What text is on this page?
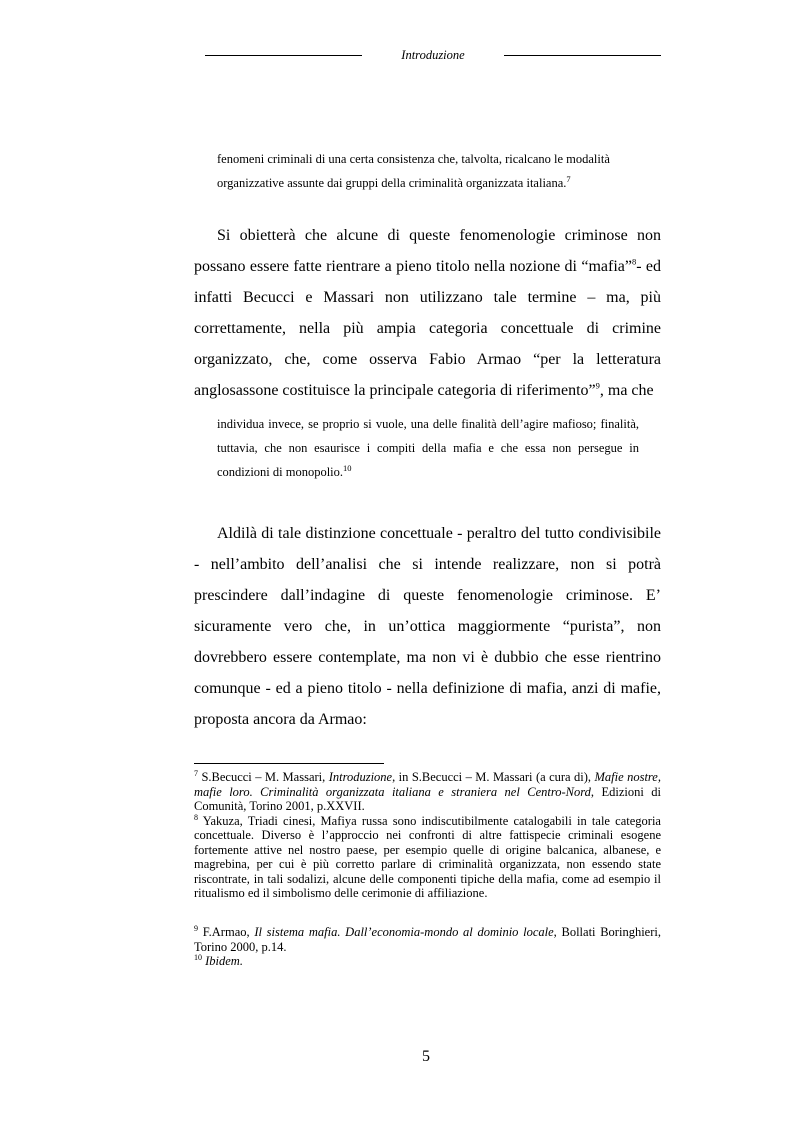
Introduzione

fenomeni criminali di una certa consistenza che, talvolta, ricalcano le modalità organizzative assunte dai gruppi della criminalità organizzata italiana.$^7$

Si obietterà che alcune di queste fenomenologie criminose non possano essere fatte rientrare a pieno titolo nella nozione di “mafia”$^8$- ed infatti Becucci e Massari non utilizzano tale termine – ma, più correttamente, nella più ampia categoria concettuale di crimine organizzato, che, come osserva Fabio Armao “per la letteratura anglosassone costituisce la principale categoria di riferimento”$^9$, ma che

individua invece, se proprio si vuole, una delle finalità dell’agire mafioso; finalità, tuttavia, che non esaurisce i compiti della mafia e che essa non persegue in condizioni di monopolio.$^{10}$

Aldilà di tale distinzione concettuale - peraltro del tutto condivisibile - nell’ambito dell’analisi che si intende realizzare, non si potrà prescindere dall’indagine di queste fenomenologie criminose. E’ sicuramente vero che, in un’ottica maggiormente “purista”, non dovrebbero essere contemplate, ma non vi è dubbio che esse rientrino comunque - ed a pieno titolo - nella definizione di mafia, anzi di mafie, proposta ancora da Armao:

$^7$ S.Becucci – M. Massari, Introduzione, in S.Becucci – M. Massari (a cura di), Mafie nostre, mafie loro. Criminalità organizzata italiana e straniera nel Centro-Nord, Edizioni di Comunità, Torino 2001, p.XXVII.

$^8$ Yakuza, Triadi cinesi, Mafiya russa sono indiscutibilmente catalogabili in tale categoria concettuale. Diverso è l’approccio nei confronti di altre fattispecie criminali esogene fortemente attive nel nostro paese, per esempio quelle di origine balcanica, albanese, e magrebina, per cui è più corretto parlare di criminalità organizzata, non essendo state riscontrate, in tali sodalizi, alcune delle componenti tipiche della mafia, come ad esempio il ritualismo ed il simbolismo delle cerimonie di affiliazione.

$^9$ F.Armao, Il sistema mafia. Dall’economia-mondo al dominio locale, Bollati Boringhieri, Torino 2000, p.14.

$^{10}$ Ibidem.

5
